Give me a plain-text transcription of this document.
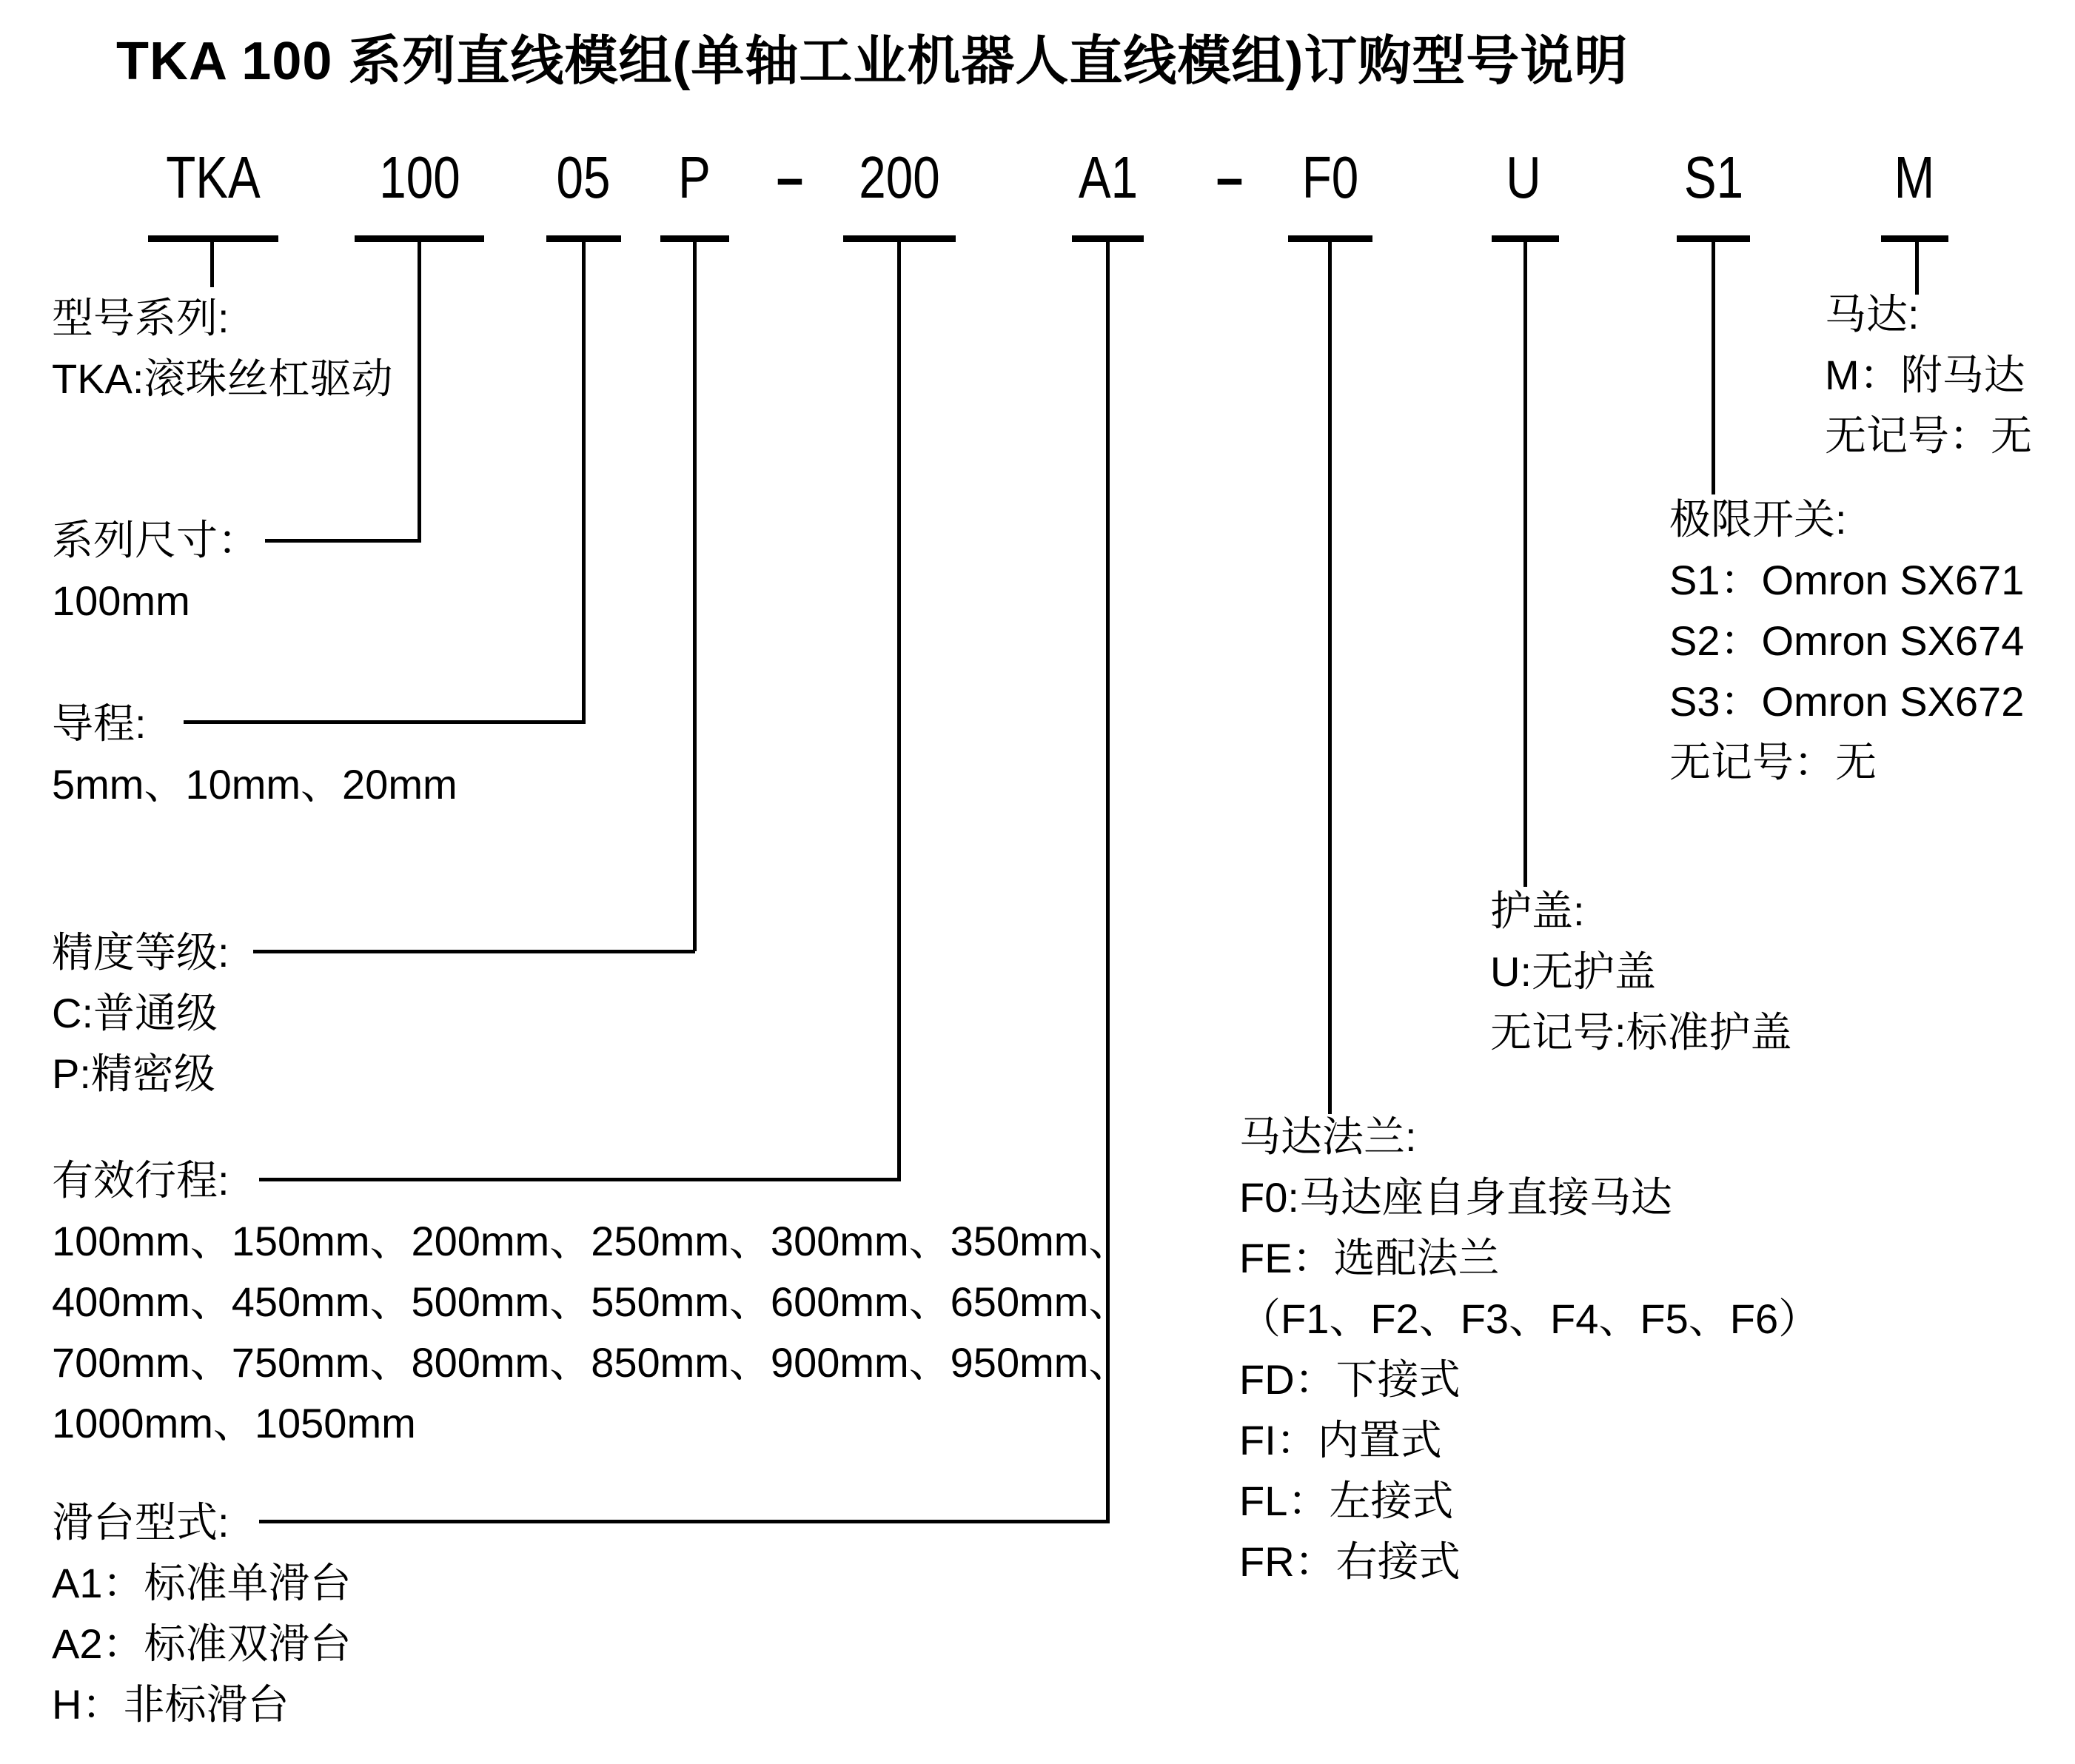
TKA 100 系列直线模组(单轴工业机器人直线模组)订购型号说明
TKA 100 05 P – 200 A1 – F0 U S1	M
型号系列:
TKA:滚珠丝杠驱动
系列尺寸：
100mm
导程:
5mm、10mm、20mm
精度等级:
C:普通级
P:精密级
有效行程:
100mm、150mm、200mm、250mm、300mm、350mm、
400mm、450mm、500mm、550mm、600mm、650mm、
700mm、750mm、800mm、850mm、900mm、950mm、
1000mm、1050mm
滑台型式:
A1：标准单滑台
A2：标准双滑台
H：非标滑台
马达:
M：附马达
无记号：无
极限开关:
S1：Omron SX671
S2：Omron SX674
S3：Omron SX672
无记号：无
护盖:
U:无护盖
无记号:标准护盖
马达法兰:
F0:马达座自身直接马达
FE：选配法兰
（F1、F2、F3、F4、F5、F6）
FD：下接式
FI：内置式
FL：左接式
FR：右接式
